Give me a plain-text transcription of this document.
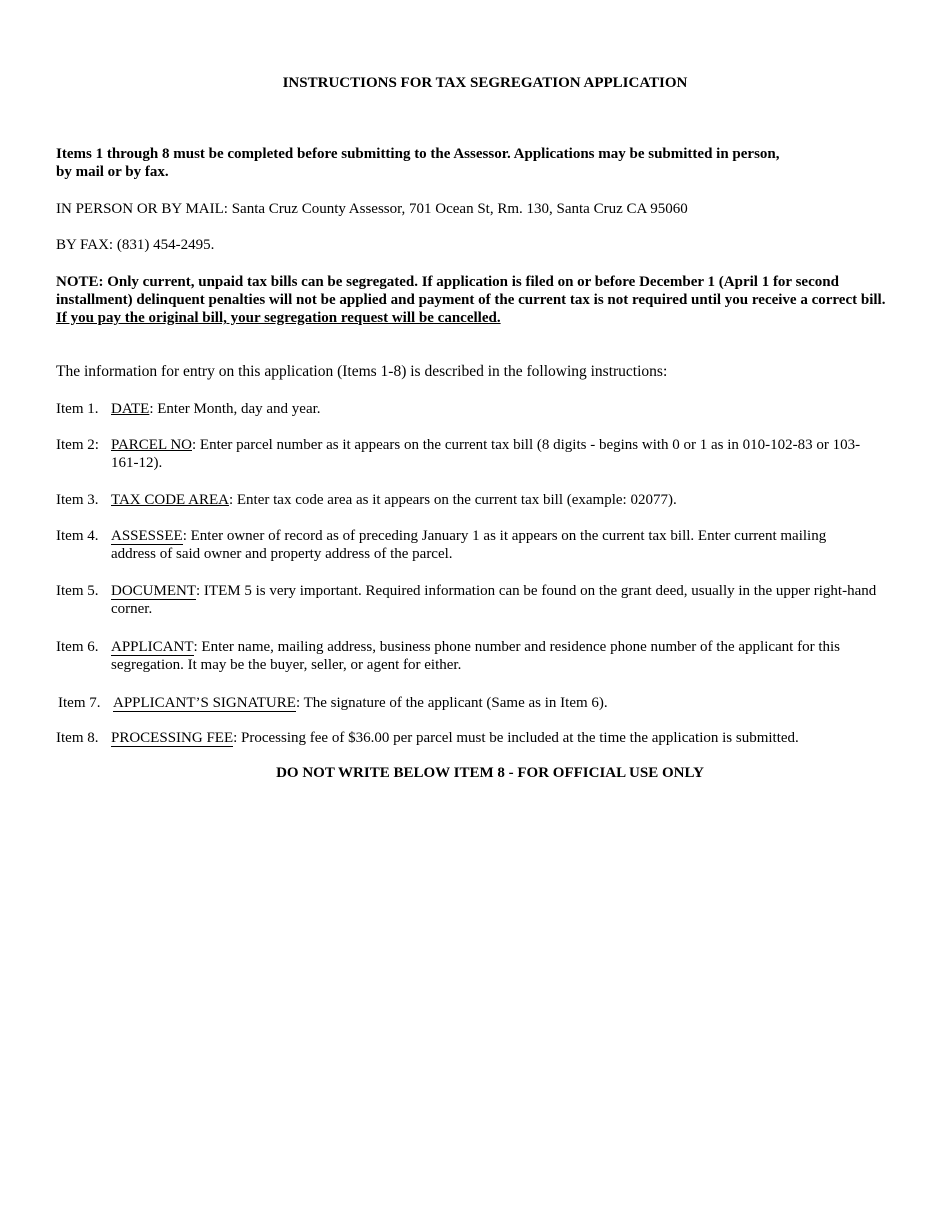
INSTRUCTIONS FOR TAX SEGREGATION APPLICATION
Items 1 through 8 must be completed before submitting to the Assessor. Applications may be submitted in person,
by mail or by fax.
IN PERSON OR BY MAIL: Santa Cruz County Assessor, 701 Ocean St, Rm. 130, Santa Cruz CA 95060
BY FAX: (831) 454-2495.
NOTE: Only current, unpaid tax bills can be segregated. If application is filed on or before December 1 (April 1 for second installment) delinquent penalties will not be applied and payment of the current tax is not required until you receive a correct bill. If you pay the original bill, your segregation request will be cancelled.
The information for entry on this application (Items 1-8) is described in the following instructions:
Item 1. DATE: Enter Month, day and year.
Item 2: PARCEL NO: Enter parcel number as it appears on the current tax bill (8 digits - begins with 0 or 1 as in 010-102-83 or 103-161-12).
Item 3. TAX CODE AREA: Enter tax code area as it appears on the current tax bill (example: 02077).
Item 4. ASSESSEE: Enter owner of record as of preceding January 1 as it appears on the current tax bill. Enter current mailing address of said owner and property address of the parcel.
Item 5. DOCUMENT: ITEM 5 is very important. Required information can be found on the grant deed, usually in the upper right-hand corner.
Item 6. APPLICANT: Enter name, mailing address, business phone number and residence phone number of the applicant for this segregation. It may be the buyer, seller, or agent for either.
Item 7. APPLICANT’S SIGNATURE: The signature of the applicant (Same as in Item 6).
Item 8. PROCESSING FEE: Processing fee of $36.00 per parcel must be included at the time the application is submitted.
DO NOT WRITE BELOW ITEM 8 - FOR OFFICIAL USE ONLY
